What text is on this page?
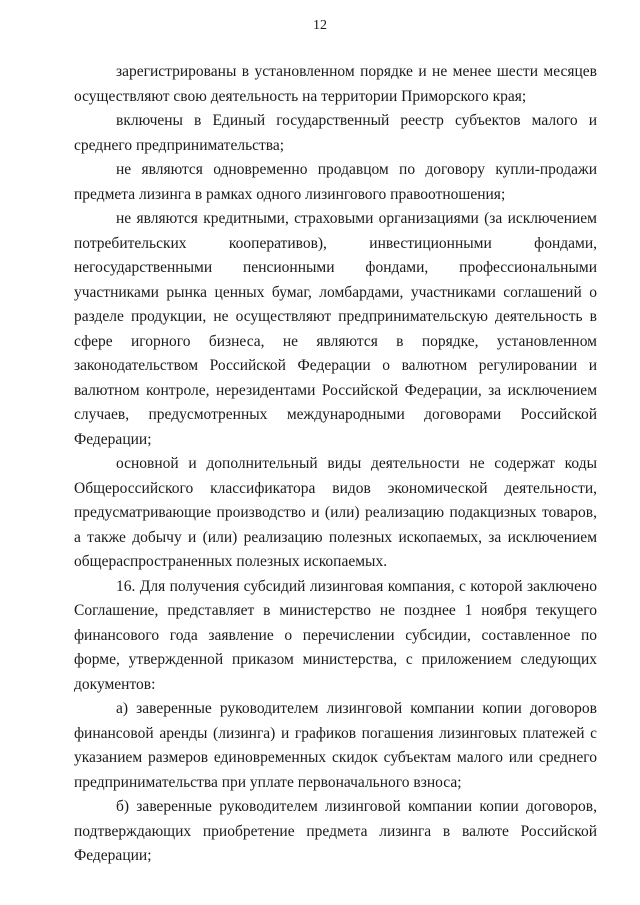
12

зарегистрированы в установленном порядке и не менее шести месяцев осуществляют свою деятельность на территории Приморского края;

включены в Единый государственный реестр субъектов малого и среднего предпринимательства;

не являются одновременно продавцом по договору купли-продажи предмета лизинга в рамках одного лизингового правоотношения;

не являются кредитными, страховыми организациями (за исключением потребительских кооперативов), инвестиционными фондами, негосударственными пенсионными фондами, профессиональными участниками рынка ценных бумаг, ломбардами, участниками соглашений о разделе продукции, не осуществляют предпринимательскую деятельность в сфере игорного бизнеса, не являются в порядке, установленном законодательством Российской Федерации о валютном регулировании и валютном контроле, нерезидентами Российской Федерации, за исключением случаев, предусмотренных международными договорами Российской Федерации;

основной и дополнительный виды деятельности не содержат коды Общероссийского классификатора видов экономической деятельности, предусматривающие производство и (или) реализацию подакцизных товаров, а также добычу и (или) реализацию полезных ископаемых, за исключением общераспространенных полезных ископаемых.

16. Для получения субсидий лизинговая компания, с которой заключено Соглашение, представляет в министерство не позднее 1 ноября текущего финансового года заявление о перечислении субсидии, составленное по форме, утвержденной приказом министерства, с приложением следующих документов:

а) заверенные руководителем лизинговой компании копии договоров финансовой аренды (лизинга) и графиков погашения лизинговых платежей с указанием размеров единовременных скидок субъектам малого или среднего предпринимательства при уплате первоначального взноса;

б) заверенные руководителем лизинговой компании копии договоров, подтверждающих приобретение предмета лизинга в валюте Российской Федерации;
